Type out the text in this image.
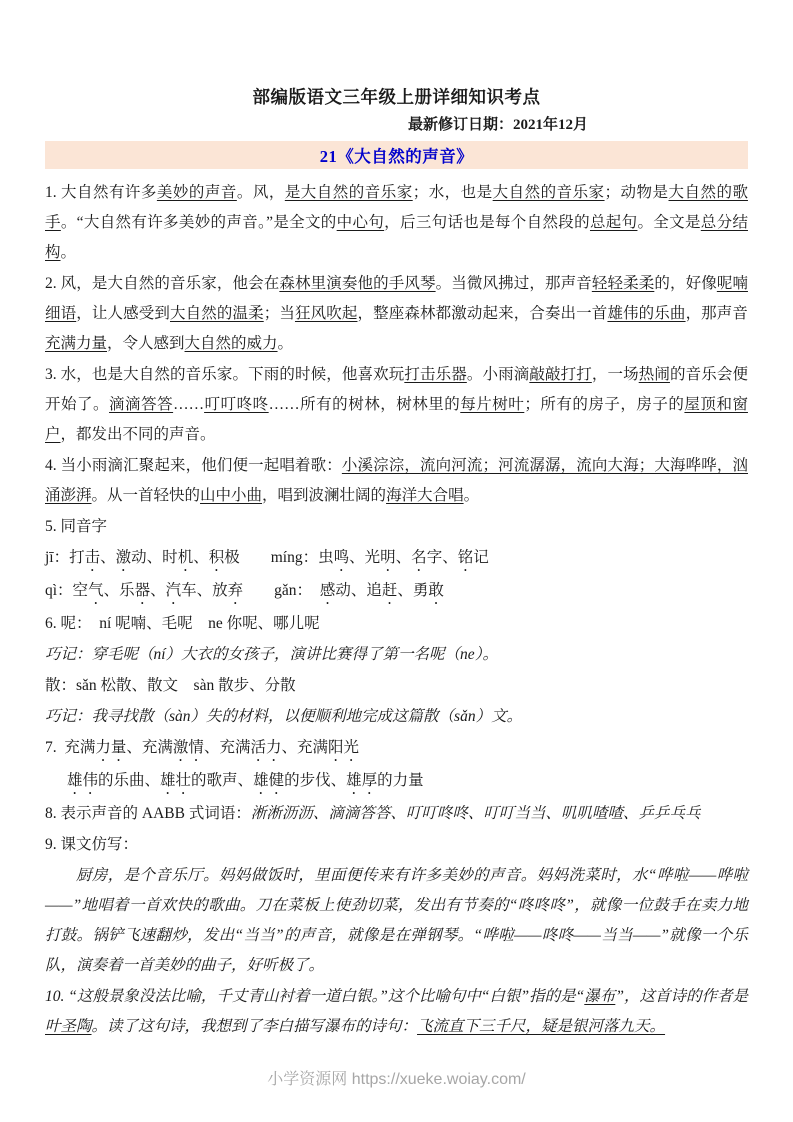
部编版语文三年级上册详细知识考点
最新修订日期：2021年12月
21《大自然的声音》

1. 大自然有许多美妙的声音。风，是大自然的音乐家；水，也是大自然的音乐家；动物是大自然的歌手。“大自然有许多美妙的声音。”是全文的中心句，后三句话也是每个自然段的总起句。全文是总分结构。

2. 风，是大自然的音乐家，他会在森林里演奏他的手风琴。当微风拂过，那声音轻轻柔柔的，好像呢喃细语，让人感受到大自然的温柔；当狂风吹起，整座森林都激动起来，合奏出一首雄伟的乐曲，那声音充满力量，令人感到大自然的威力。

3. 水，也是大自然的音乐家。下雨的时候，他喜欢玩打击乐器。小雨滴敲敲打打，一场热闹的音乐会便开始了。滴滴答答……叮叮咚咚……所有的树林，树林里的每片树叶；所有的房子，房子的屋顶和窗户，都发出不同的声音。

4. 当小雨滴汇聚起来，他们便一起唱着歌：小溪淙淙，流向河流；河流潺潺，流向大海；大海哗哗，汹涌澎湃。从一首轻快的山中小曲，唱到波澜壮阔的海洋大合唱。

5. 同音字

jī：打击、激动、时机、积极　　míng：虫鸣、光明、名字、铭记

qì：空气、乐器、汽车、放弃　　gǎn：　感动、追赶、勇敢

6. 呢：　ní 呢喃、毛呢　ne 你呢、哪儿呢

巧记：穿毛呢（ní）大衣的女孩子，演讲比赛得了第一名呢（ne）。

散：sǎn 松散、散文　sàn 散步、分散

巧记：我寻找散（sàn）失的材料，以便顺利地完成这篇散（sǎn）文。

7.  充满力量、充满激情、充满活力、充满阳光

雄伟的乐曲、雄壮的歌声、雄健的步伐、雄厚的力量

8. 表示声音的 AABB 式词语：淅淅沥沥、滴滴答答、叮叮咚咚、叮叮当当、叽叽喳喳、乒乒乓乓

9. 课文仿写：

厨房，是个音乐厅。妈妈做饭时，里面便传来有许多美妙的声音。妈妈洗菜时，水“哗啦——哗啦——”地唱着一首欢快的歌曲。刀在菜板上使劲切菜，发出有节奏的“咚咚咚”，就像一位鼓手在卖力地打鼓。锅铲飞速翻炒，发出“当当”的声音，就像是在弹钢琴。“哗啦——咚咚——当当——”就像一个乐队，演奏着一首美妙的曲子，好听极了。

10. “这般景象没法比喻，千丈青山衬着一道白银。”这个比喻句中“白银”指的是“瀑布”，这首诗的作者是叶圣陶。读了这句诗，我想到了李白描写瀑布的诗句：飞流直下三千尺，疑是银河落九天。

小学资源网 https://xueke.woiay.com/
